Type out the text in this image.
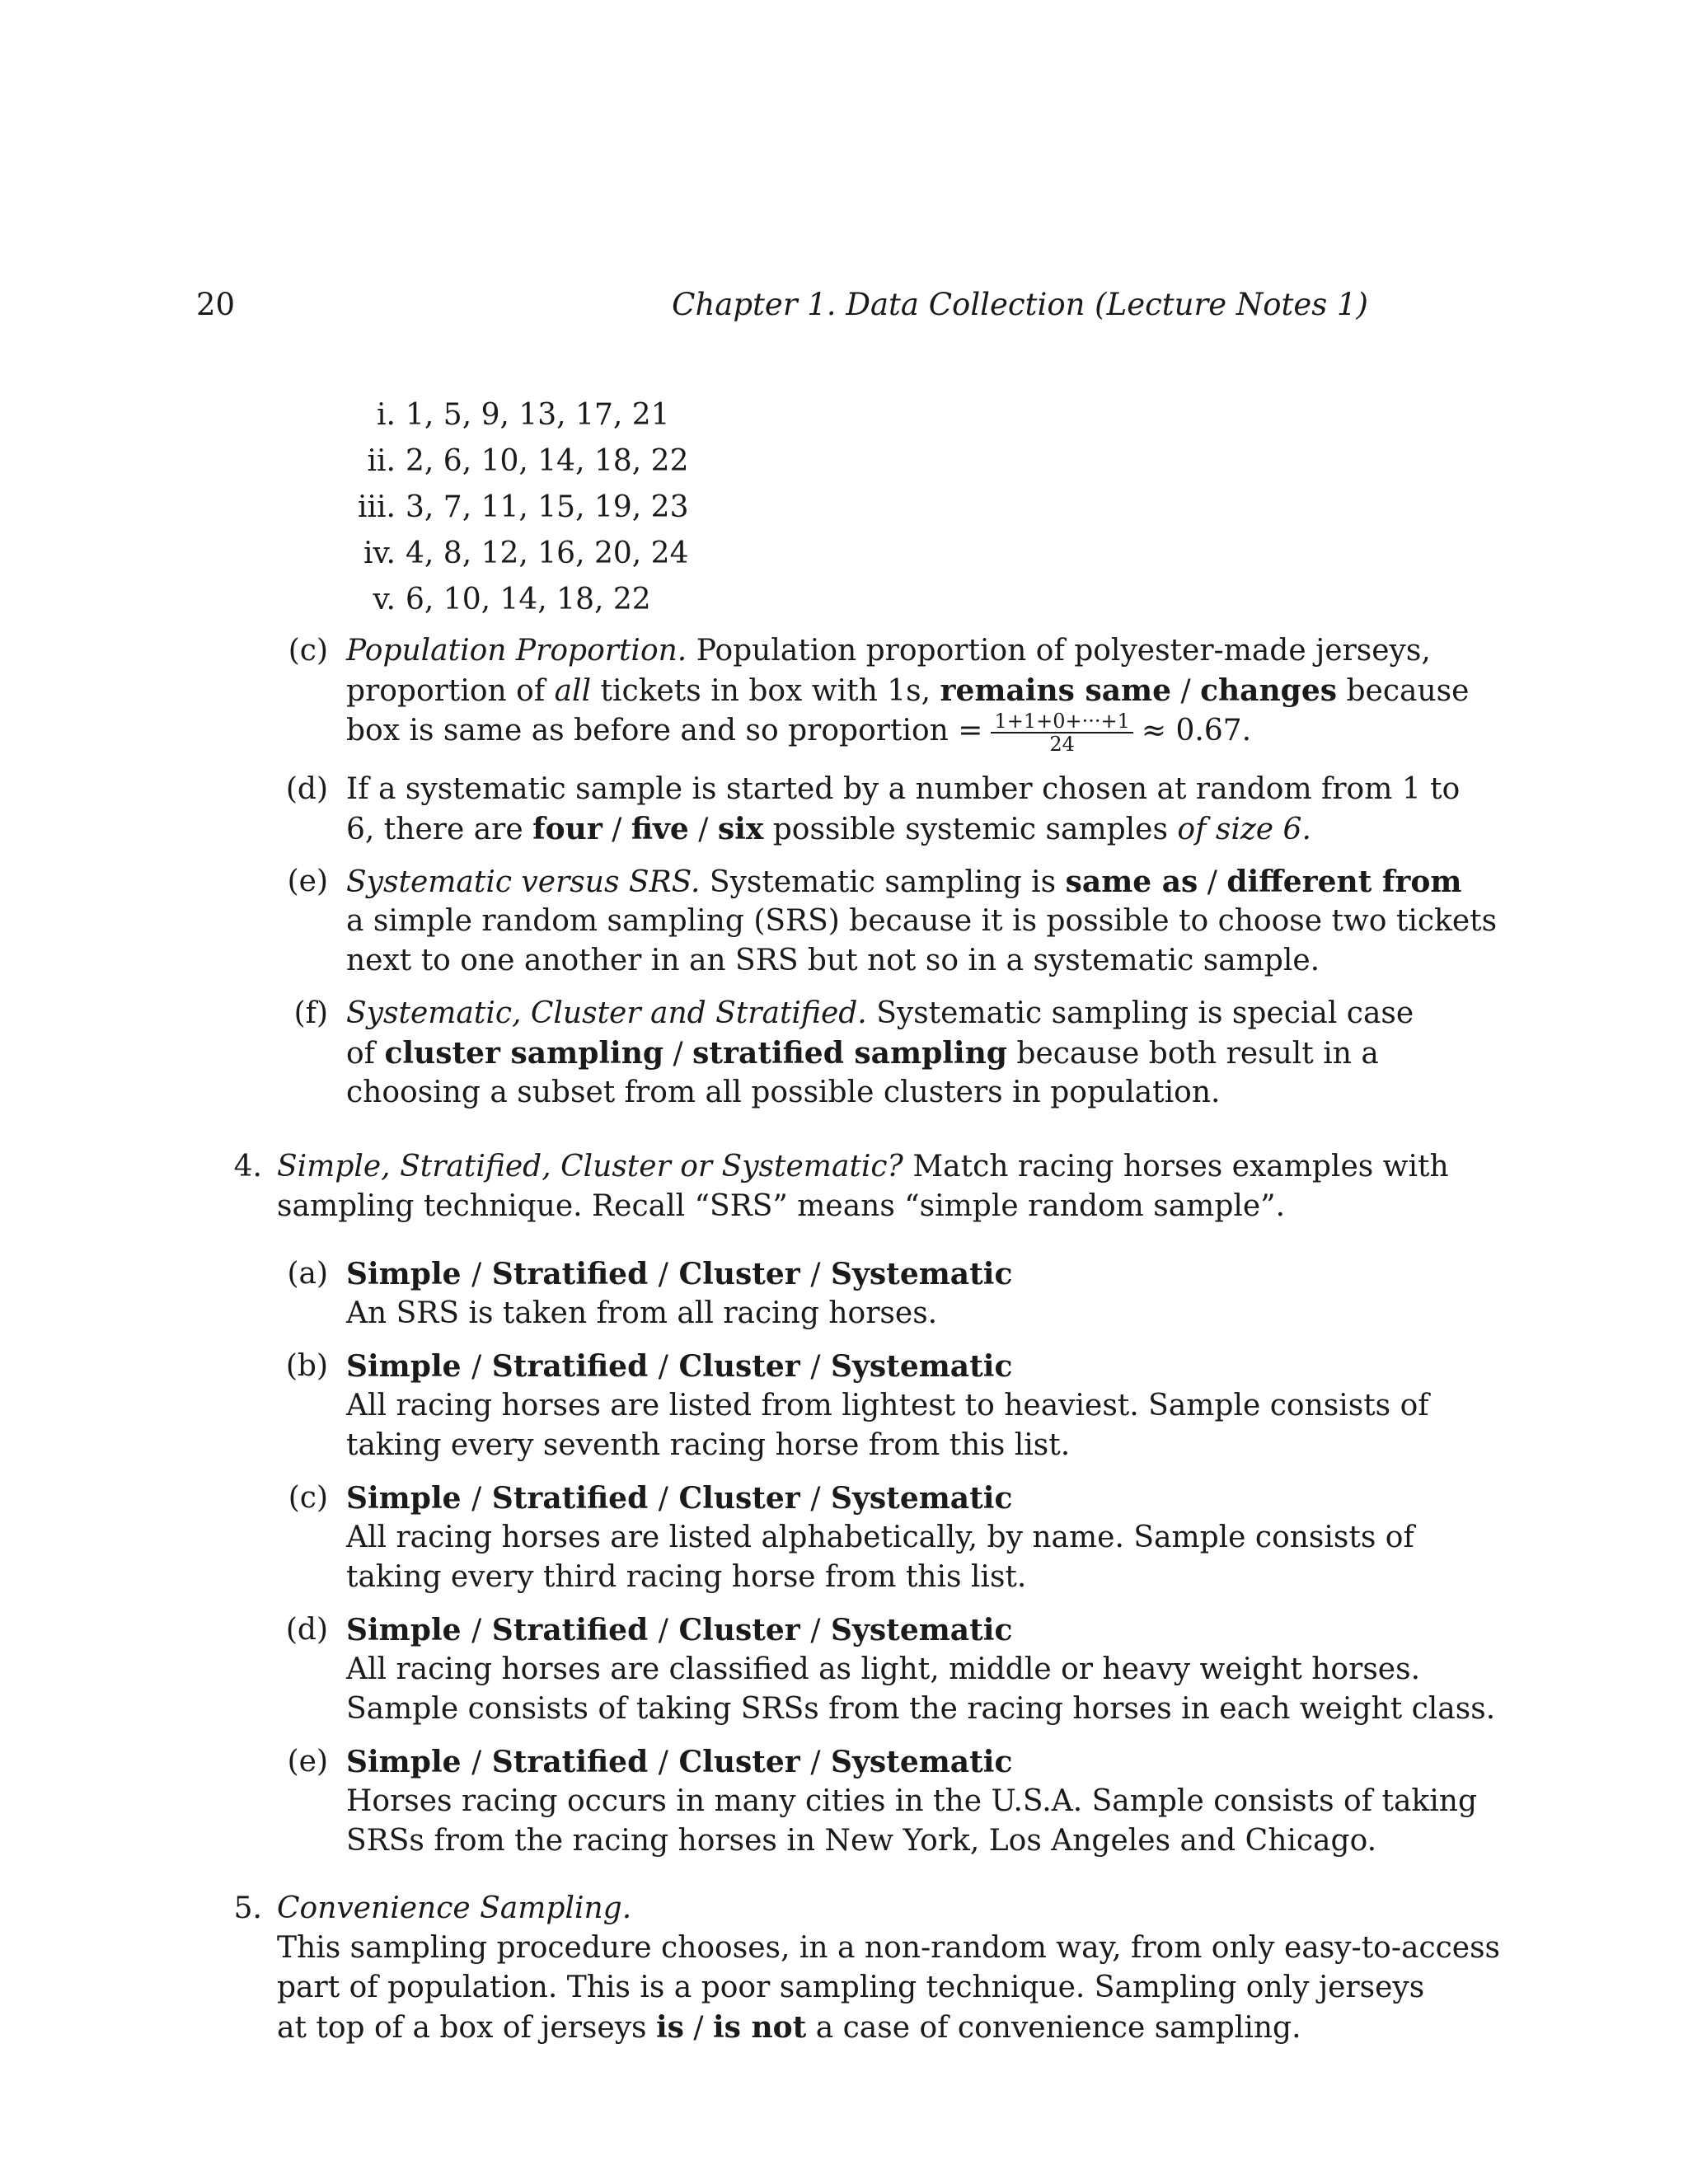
20	Chapter 1. Data Collection (Lecture Notes 1)
i. 1, 5, 9, 13, 17, 21
ii. 2, 6, 10, 14, 18, 22
iii. 3, 7, 11, 15, 19, 23
iv. 4, 8, 12, 16, 20, 24
v. 6, 10, 14, 18, 22
(c) Population Proportion. Population proportion of polyester-made jerseys,
proportion of all tickets in box with 1s, remains same / changes because
box is same as before and so proportion = $\frac{1+1+0+\cdot\cdot\cdot+1}{24} \approx 0.67$.
(d) If a systematic sample is started by a number chosen at random from 1 to
6, there are four / five / six possible systemic samples of size 6.
(e) Systematic versus SRS. Systematic sampling is same as / different from
a simple random sampling (SRS) because it is possible to choose two tickets
next to one another in an SRS but not so in a systematic sample.
(f) Systematic, Cluster and Stratified. Systematic sampling is special case
of cluster sampling / stratified sampling because both result in a
choosing a subset from all possible clusters in population.
4. Simple, Stratified, Cluster or Systematic? Match racing horses examples with
sampling technique. Recall “SRS” means “simple random sample”.
(a) Simple / Stratified / Cluster / Systematic
An SRS is taken from all racing horses.
(b) Simple / Stratified / Cluster / Systematic
All racing horses are listed from lightest to heaviest. Sample consists of
taking every seventh racing horse from this list.
(c) Simple / Stratified / Cluster / Systematic
All racing horses are listed alphabetically, by name. Sample consists of
taking every third racing horse from this list.
(d) Simple / Stratified / Cluster / Systematic
All racing horses are classified as light, middle or heavy weight horses.
Sample consists of taking SRSs from the racing horses in each weight class.
(e) Simple / Stratified / Cluster / Systematic
Horses racing occurs in many cities in the U.S.A. Sample consists of taking
SRSs from the racing horses in New York, Los Angeles and Chicago.
5. Convenience Sampling.
This sampling procedure chooses, in a non-random way, from only easy-to-access
part of population. This is a poor sampling technique. Sampling only jerseys
at top of a box of jerseys is / is not a case of convenience sampling.
